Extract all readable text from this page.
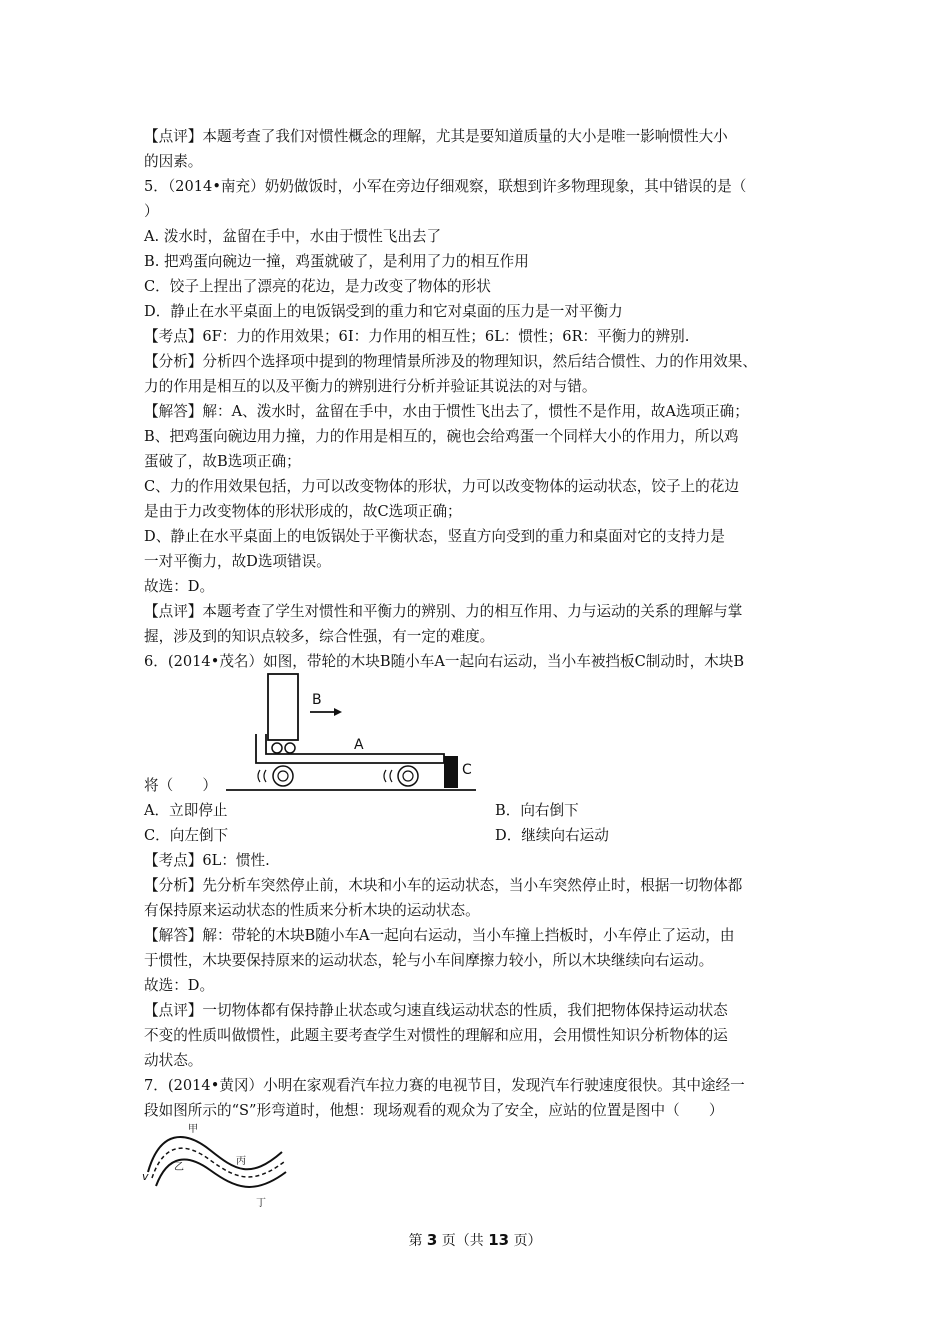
【点评】本题考查了我们对惯性概念的理解，尤其是要知道质量的大小是唯一影响惯性大小
的因素。
5．（2014•南充）奶奶做饭时，小军在旁边仔细观察，联想到许多物理现象，其中错误的是（
）
A. 泼水时，盆留在手中，水由于惯性飞出去了
B. 把鸡蛋向碗边一撞，鸡蛋就破了，是利用了力的相互作用
C．饺子上捏出了漂亮的花边，是力改变了物体的形状
D．静止在水平桌面上的电饭锅受到的重力和它对桌面的压力是一对平衡力
【考点】6F：力的作用效果；6I：力作用的相互性；6L：惯性；6R：平衡力的辨别.
【分析】分析四个选择项中提到的物理情景所涉及的物理知识，然后结合惯性、力的作用效果、
力的作用是相互的以及平衡力的辨别进行分析并验证其说法的对与错。
【解答】解：A、泼水时，盆留在手中，水由于惯性飞出去了，惯性不是作用，故A选项正确；
B、把鸡蛋向碗边用力撞，力的作用是相互的，碗也会给鸡蛋一个同样大小的作用力，所以鸡
蛋破了，故B选项正确；
C、力的作用效果包括，力可以改变物体的形状，力可以改变物体的运动状态，饺子上的花边
是由于力改变物体的形状形成的，故C选项正确；
D、静止在水平桌面上的电饭锅处于平衡状态，竖直方向受到的重力和桌面对它的支持力是
一对平衡力，故D选项错误。
故选：D。
【点评】本题考查了学生对惯性和平衡力的辨别、力的相互作用、力与运动的关系的理解与掌
握，涉及到的知识点较多，综合性强，有一定的难度。
6．(2014•茂名）如图，带轮的木块B随小车A一起向右运动，当小车被挡板C制动时，木块B
B
A
C
将（　　）
A．立即停止	B．向右倒下
C．向左倒下	D．继续向右运动
【考点】6L：惯性.
【分析】先分析车突然停止前，木块和小车的运动状态，当小车突然停止时，根据一切物体都
有保持原来运动状态的性质来分析木块的运动状态。
【解答】解：带轮的木块B随小车A一起向右运动，当小车撞上挡板时，小车停止了运动，由
于惯性，木块要保持原来的运动状态，轮与小车间摩擦力较小，所以木块继续向右运动。
故选：D。
【点评】一切物体都有保持静止状态或匀速直线运动状态的性质，我们把物体保持运动状态
不变的性质叫做惯性，此题主要考查学生对惯性的理解和应用，会用惯性知识分析物体的运
动状态。
7．(2014•黄冈）小明在家观看汽车拉力赛的电视节目，发现汽车行驶速度很快。其中途经一
段如图所示的“S”形弯道时，他想：现场观看的观众为了安全，应站的位置是图中（　　）
甲
乙
丙
丁
v
第 3 页（共 13 页）
